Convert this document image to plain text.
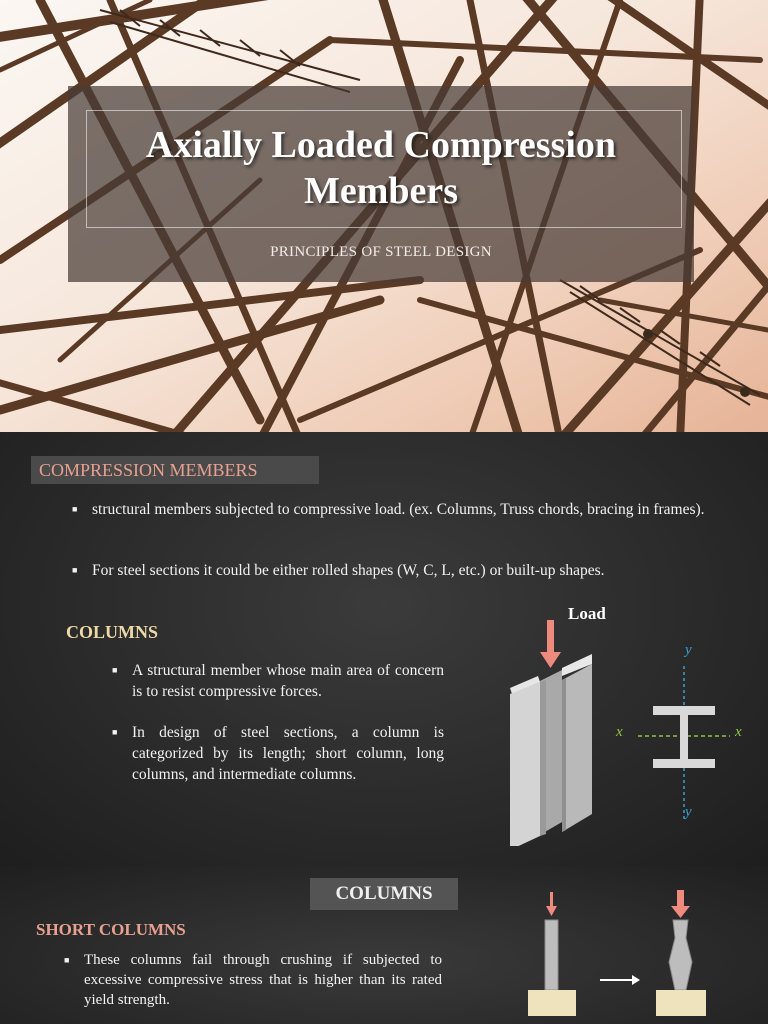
Axially Loaded Compression Members
PRINCIPLES OF STEEL DESIGN
COMPRESSION MEMBERS
■ structural members subjected to compressive load. (ex. Columns, Truss chords, bracing in frames).
■ For steel sections it could be either rolled shapes (W, C, L, etc.) or built-up shapes.
COLUMNS
■ A structural member whose main area of concern is to resist compressive forces.
■ In design of steel sections, a column is categorized by its length; short column, long columns, and intermediate columns.
Load
y
y
x	x
COLUMNS
SHORT COLUMNS
■ These columns fail through crushing if subjected to excessive compressive stress that is higher than its rated yield strength.
